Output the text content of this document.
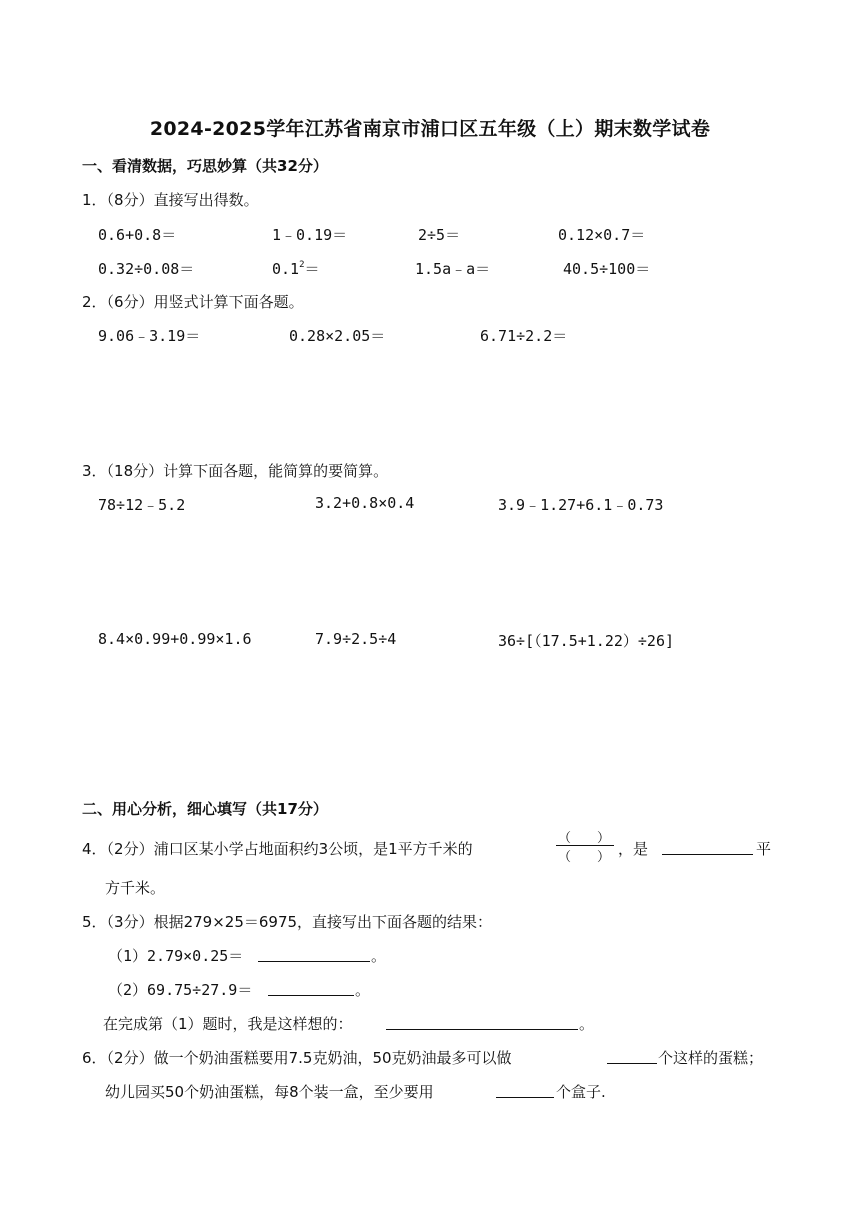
2024-2025学年江苏省南京市浦口区五年级（上）期末数学试卷
一、看清数据，巧思妙算（共32分）
1．（8分）直接写出得数。
0.6+0.8＝	1﹣0.19＝	2÷5＝	0.12×0.7＝
0.32÷0.08＝	$0.1^2=$	1.5a﹣a＝	40.5÷100＝
2．（6分）用竖式计算下面各题。
9.06﹣3.19＝	0.28×2.05＝	6.71÷2.2＝
3．（18分）计算下面各题，能简算的要简算。
78÷12﹣5.2	3.2+0.8×0.4	3.9﹣1.27+6.1﹣0.73
8.4×0.99+0.99×1.6	7.9÷2.5÷4	36÷[（17.5+1.22）÷26]
二、用心分析，细心填写（共17分）
4．（2分）浦口区某小学占地面积约3公顷，是1平方千米的
（　　）
（　　） ，是	平
方千米。
5．（3分）根据279×25＝6975，直接写出下面各题的结果：
（1）2.79×0.25＝	。
（2）69.75÷27.9＝	。
在完成第（1）题时，我是这样想的：	。
6．（2分）做一个奶油蛋糕要用7.5克奶油，50克奶油最多可以做	个这样的蛋糕；
幼儿园买50个奶油蛋糕，每8个装一盒，至少要用	个盒子.
